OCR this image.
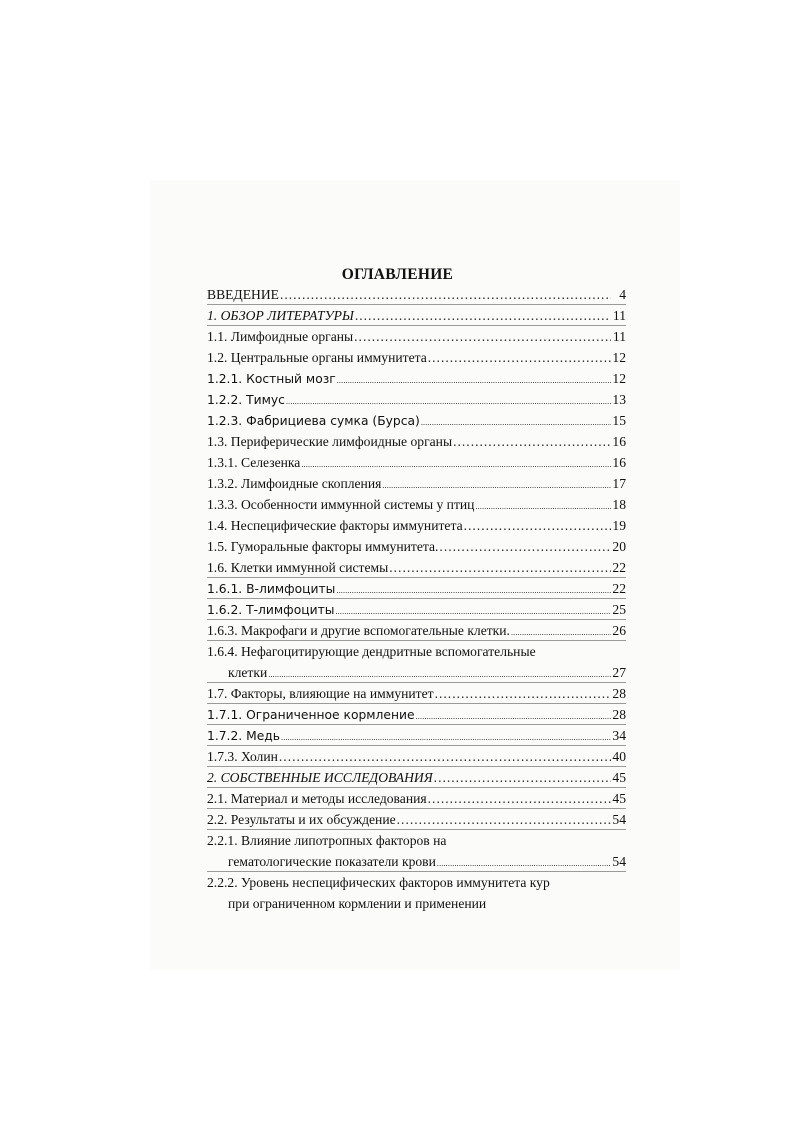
ОГЛАВЛЕНИЕ
ВВЕДЕНИЕ .....	4
1. ОБЗОР ЛИТЕРАТУРЫ .....	11
1.1. Лимфоидные органы .....	11
1.2. Центральные органы иммунитета .....	12
1.2.1. Костный мозг .....	12
1.2.2. Тимус .....	13
1.2.3. Фабрициева сумка (Бурса) .....	15
1.3. Периферические лимфоидные органы .....	16
1.3.1. Селезенка .....	16
1.3.2. Лимфоидные скопления .....	17
1.3.3. Особенности иммунной системы у птиц .....	18
1.4. Неспецифические факторы иммунитета .....	19
1.5. Гуморальные факторы иммунитета. .....	20
1.6. Клетки иммунной системы .....	22
1.6.1. В-лимфоциты .....	22
1.6.2. Т-лимфоциты .....	25
1.6.3. Макрофаги и другие вспомогательные клетки. .....	26
1.6.4. Нефагоцитирующие дендритные вспомогательные
клетки .....	27
1.7. Факторы, влияющие на иммунитет .....	28
1.7.1. Ограниченное кормление .....	28
1.7.2. Медь .....	34
1.7.3. Холин .....	40
2. СОБСТВЕННЫЕ ИССЛЕДОВАНИЯ .....	45
2.1. Материал и методы исследования .....	45
2.2. Результаты и их обсуждение .....	54
2.2.1. Влияние липотропных факторов на
гематологические показатели крови .....	54
2.2.2. Уровень неспецифических факторов иммунитета кур
при ограниченном кормлении и применении
